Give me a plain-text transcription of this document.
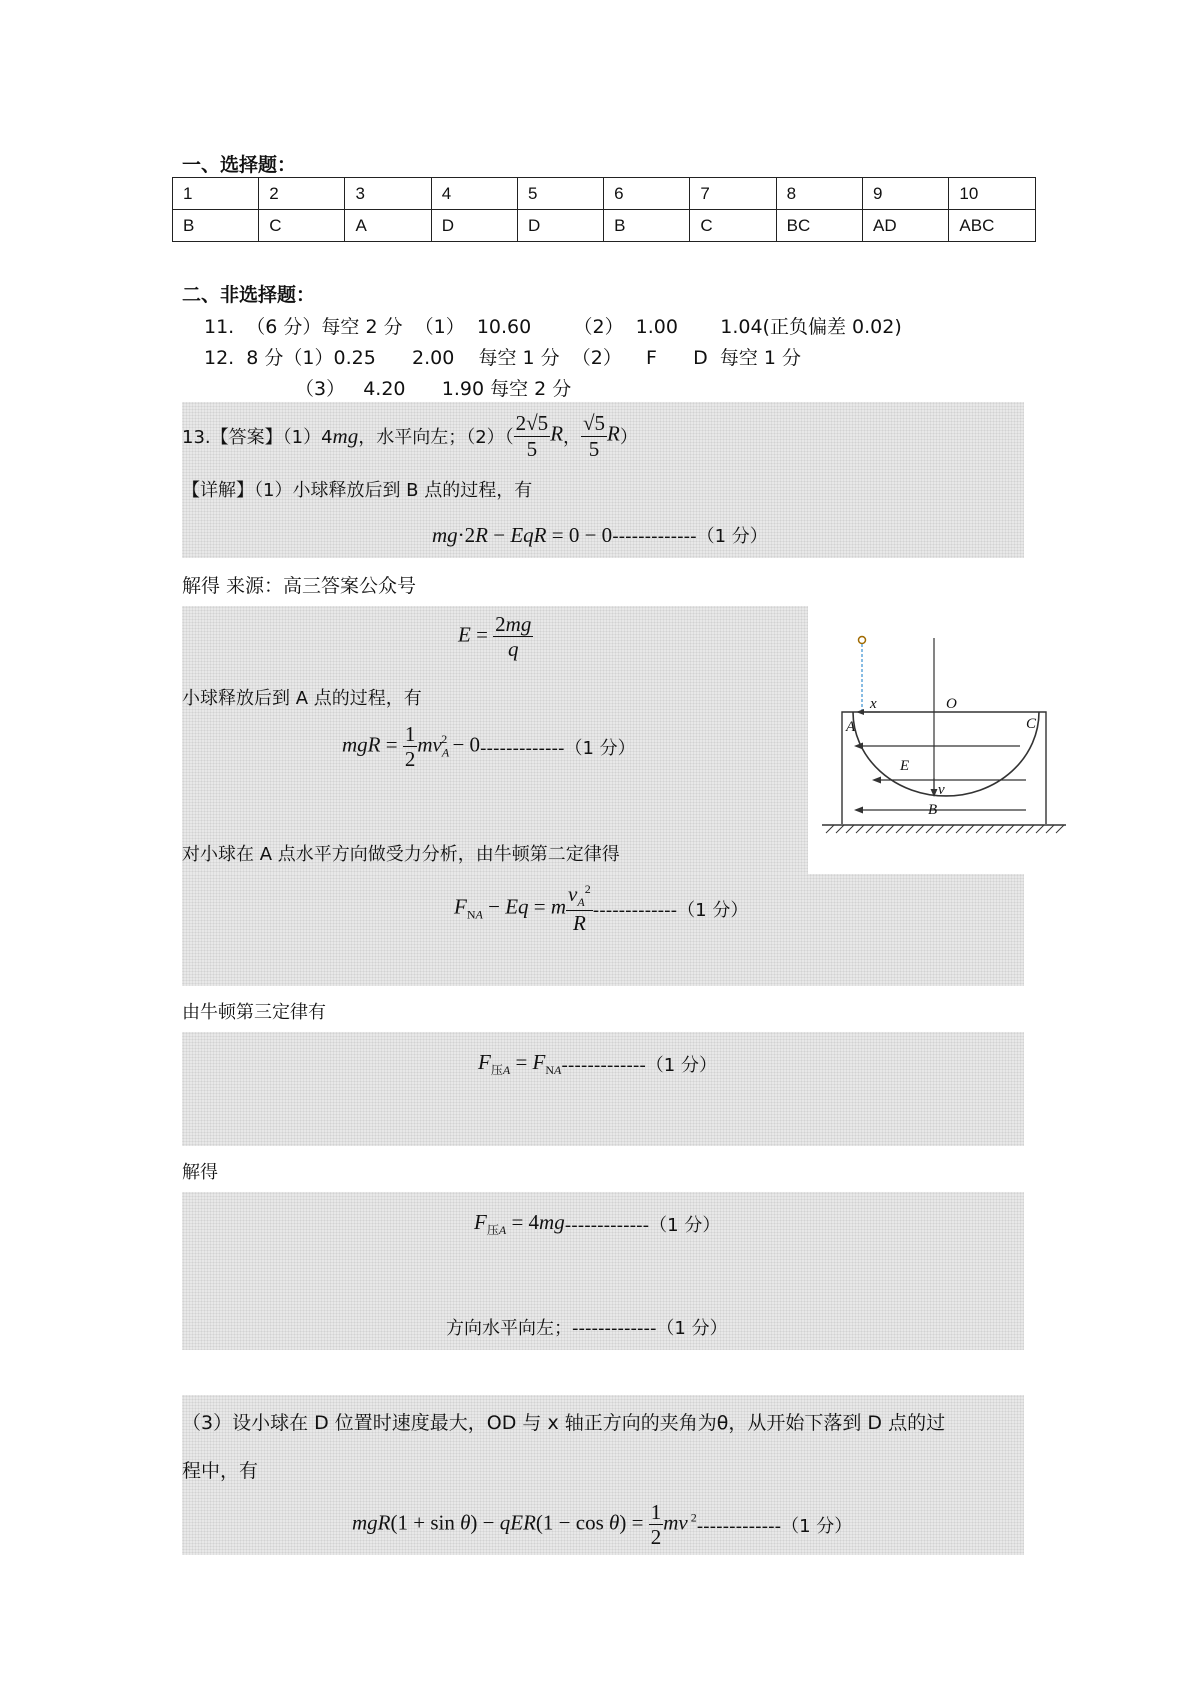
一、选择题：
1	2	3	4	5	6	7	8	9	10
B	C	A	D	D	B	C	BC	AD	ABC
二、非选择题：
11.  （6 分）每空 2 分  （1）  10.60       （2）  1.00       1.04(正负偏差 0.02)
12.  8 分（1）0.25      2.00    每空 1 分  （2）    F      D  每空 1 分
（3）   4.20      1.90 每空 2 分
13.【答案】（1）4 mg ，水平向左；$(2)( \frac{2√5}{5}$ R ， $\frac{√5}{5}$ R ）
【详解】（1）小球释放后到 B 点的过程，有
mg·2R − EqR = 0 − 0 -------------（1 分）
解得 来源：高三答案公众号
$E = \frac{2mg}{q}$
小球释放后到 A 点的过程，有
mgR = $\frac{1}{2} mv_A^2 - 0$ -------------（1 分）
对小球在 A 点水平方向做受力分析，由牛顿第二定律得
$F_{NA} - Eq = m \frac{v_A^2}{R} -------------(1$ 分）
由牛顿第三定律有
$F_{压A} = F_{NA}$ -------------（1 分）
解得
$F_{压A} = 4mg$ -------------（1 分）
方向水平向左；-------------（1 分）
（3）设小球在 D 位置时速度最大，OD 与 x 轴正方向的夹角为θ，从开始下落到 D 点的过
程中，有
$mgR(1 + \sin \theta) - qER(1 - \cos \theta) = \frac{1}{2}$ mv $^2$ -------------（1 分）
x	O
A	C
E
v
B
